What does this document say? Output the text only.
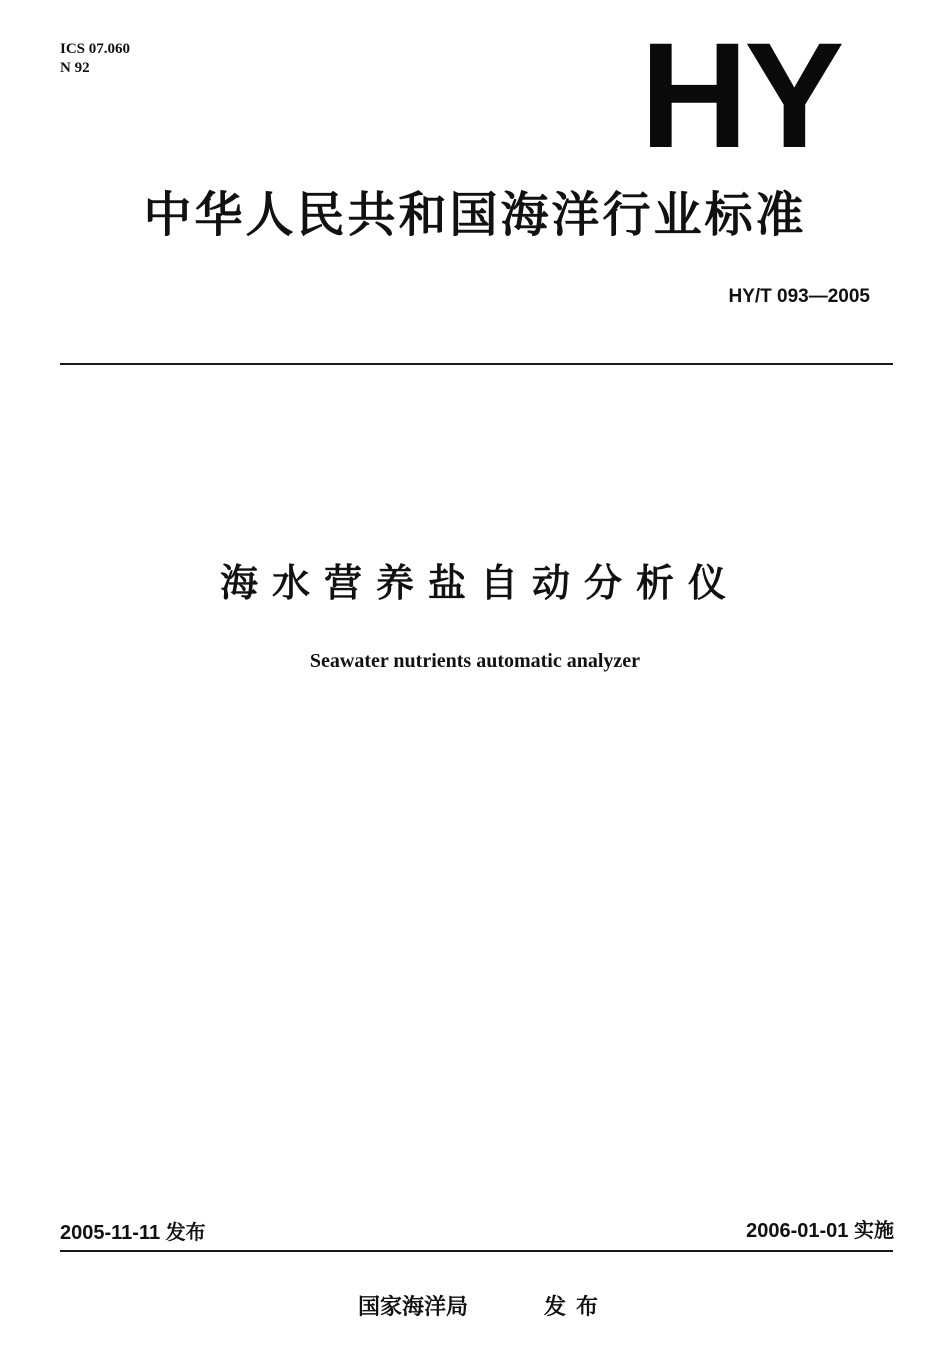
ICS 07.060
N 92	HY
中华人民共和国海洋行业标准
HY/T 093—2005
海水营养盐自动分析仪
Seawater nutrients automatic analyzer
2005-11-11 发布	2006-01-01 实施
国家海洋局	发布
